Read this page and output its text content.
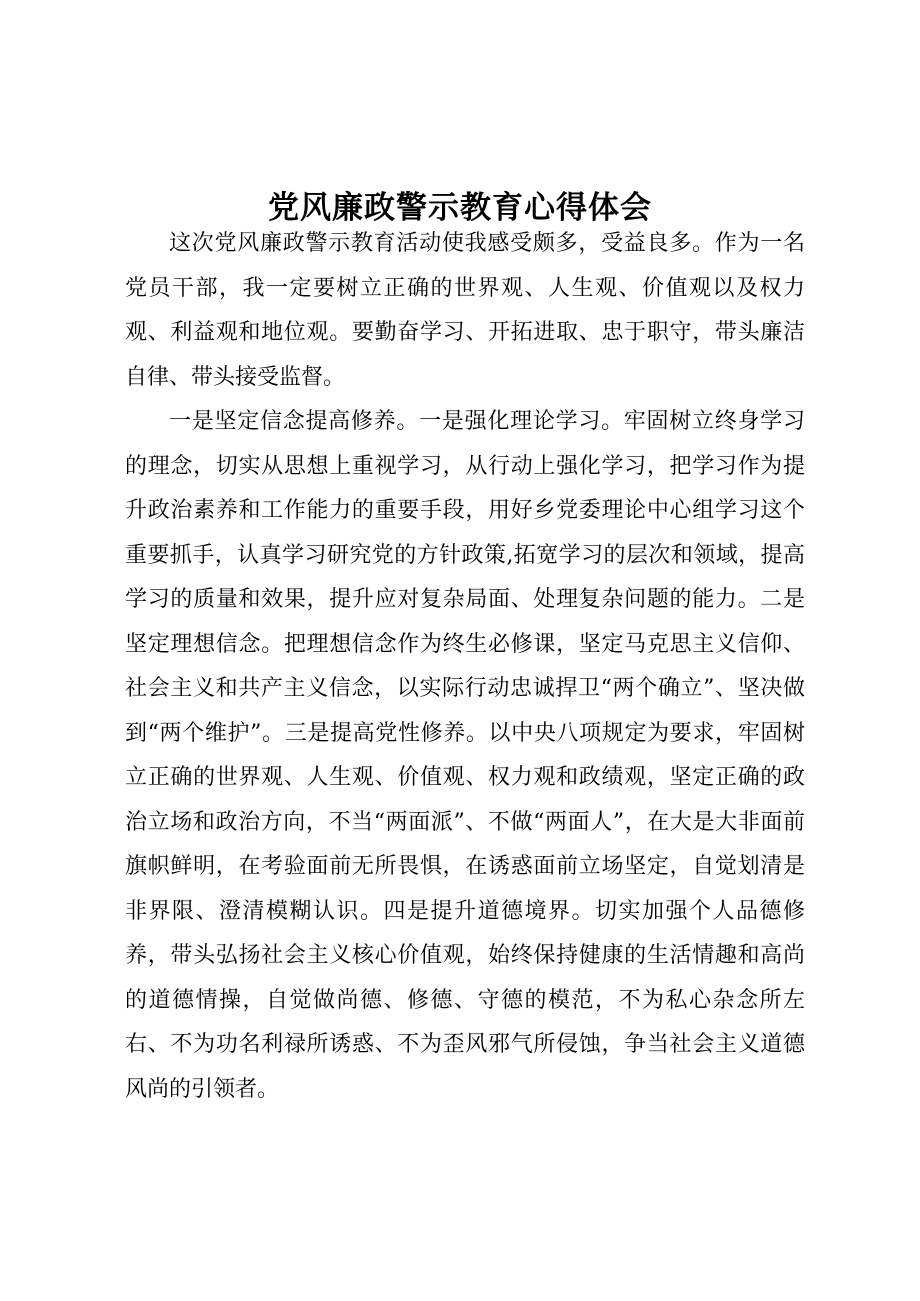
党风廉政警示教育心得体会

这次党风廉政警示教育活动使我感受颇多，受益良多。作为一名党员干部，我一定要树立正确的世界观、人生观、价值观以及权力观、利益观和地位观。要勤奋学习、开拓进取、忠于职守，带头廉洁自律、带头接受监督。

一是坚定信念提高修养。一是强化理论学习。牢固树立终身学习的理念，切实从思想上重视学习，从行动上强化学习，把学习作为提升政治素养和工作能力的重要手段，用好乡党委理论中心组学习这个重要抓手，认真学习研究党的方针政策,拓宽学习的层次和领域，提高学习的质量和效果，提升应对复杂局面、处理复杂问题的能力。二是坚定理想信念。把理想信念作为终生必修课，坚定马克思主义信仰、社会主义和共产主义信念，以实际行动忠诚捍卫“两个确立”、坚决做到“两个维护”。三是提高党性修养。以中央八项规定为要求，牢固树立正确的世界观、人生观、价值观、权力观和政绩观，坚定正确的政治立场和政治方向，不当“两面派”、不做“两面人”，在大是大非面前旗帜鲜明，在考验面前无所畏惧，在诱惑面前立场坚定，自觉划清是非界限、澄清模糊认识。四是提升道德境界。切实加强个人品德修养，带头弘扬社会主义核心价值观，始终保持健康的生活情趣和高尚的道德情操，自觉做尚德、修德、守德的模范，不为私心杂念所左右、不为功名利禄所诱惑、不为歪风邪气所侵蚀，争当社会主义道德风尚的引领者。
